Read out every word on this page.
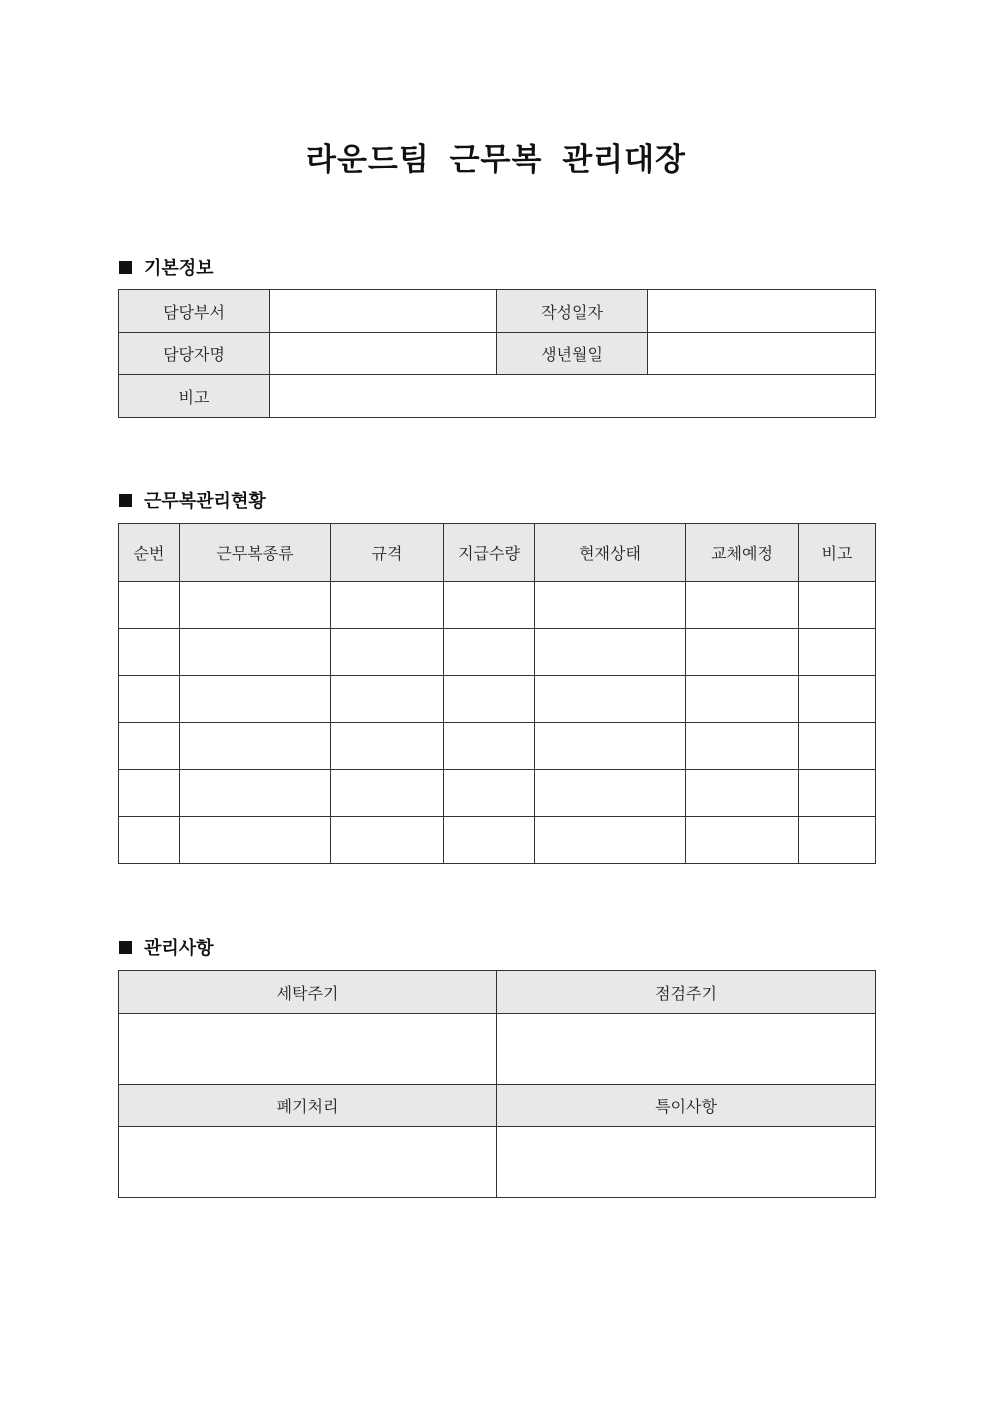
라운드팀 근무복 관리대장
기본정보
담당부서		작성일자	
담당자명		생년월일	
비고			
근무복관리현황
순번	근무복종류	규격	지급수량	현재상태	교체예정	비고

관리사항
세탁주기	점검주기

폐기처리	특이사항
